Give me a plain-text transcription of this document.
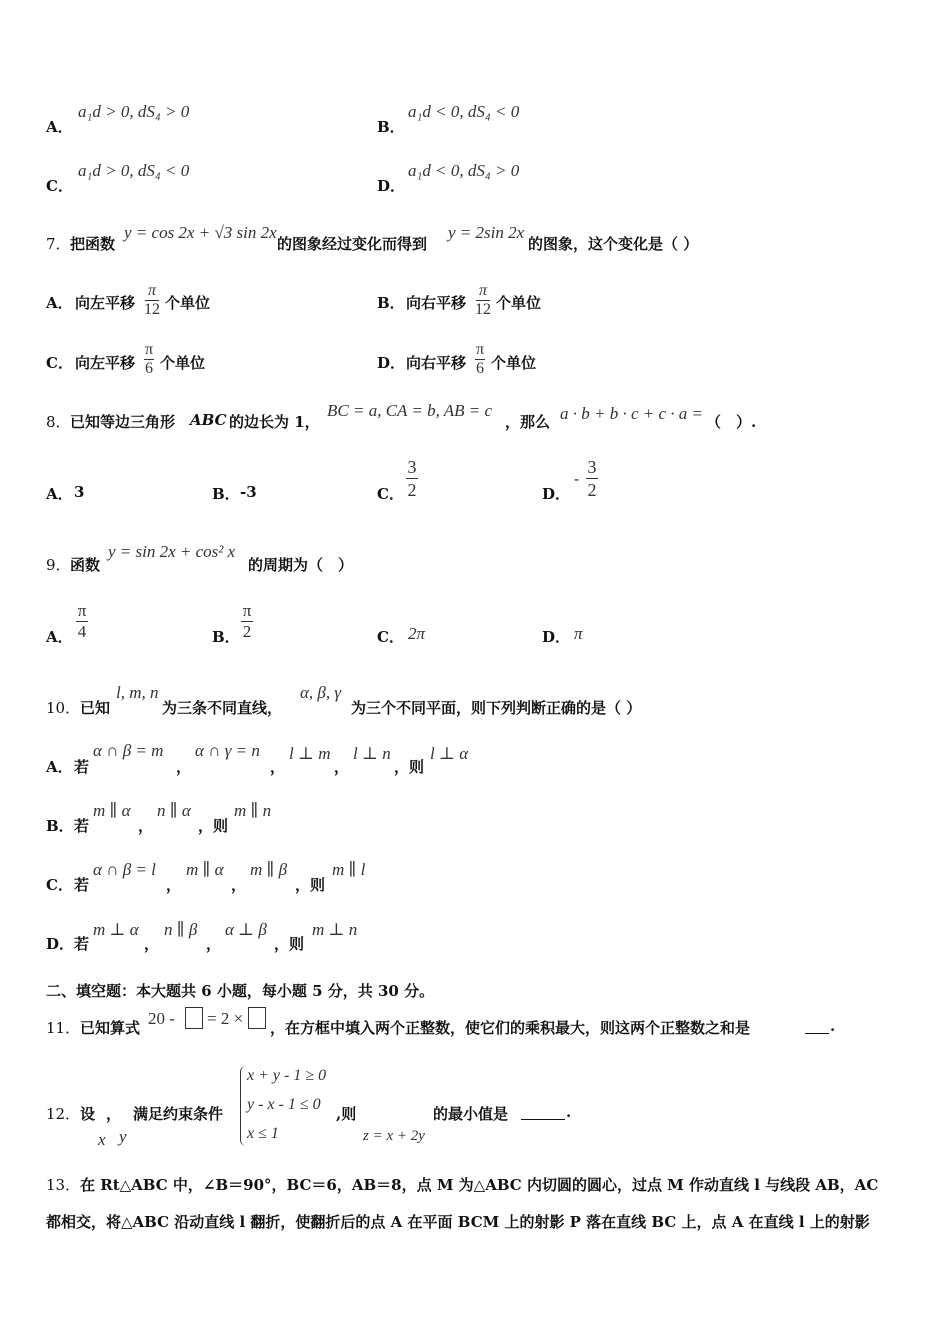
A．
a₁d > 0, dS₄ > 0
B．
a₁d < 0, dS₄ < 0
C．
a₁d > 0, dS₄ < 0
D．
a₁d < 0, dS₄ > 0
7． 把函数
y = cos 2x + √3 sin 2x
的图象经过变化而得到
y = 2sin 2x
的图象，这个变化是（ ）
A． 向左平移
π
12 个单位	B． 向右平移
π
12 个单位
C． 向左平移
π
6 个单位	D． 向右平移
π
6 个单位
8． 已知等边三角形 ABC 的边长为 1，
BC = a, CA = b, AB = c
，那么 a · b + b · c + c · a = （　）.
A． 3	B． -3	C．
3
2	D．
-
3
2
9． 函数
y = sin 2x + cos² x
的周期为（　）
A．
π
4	B．
π
2	C． 2π	D． π
10． 已知
l, m, n
为三条不同直线，
α, β, γ
为三个不同平面，则下列判断正确的是（ ）
A． 若
α ∩ β = m
，
α ∩ γ = n
，
l ⊥ m
，
l ⊥ n
，则
l ⊥ α
B． 若
m ∥ α
，
n ∥ α
，则
m ∥ n
C． 若
α ∩ β = l
，
m ∥ α
，
m ∥ β
，则
m ∥ l
D． 若
m ⊥ α
，
n ∥ β
，
α ⊥ β
，则
m ⊥ n
二、填空题：本大题共 6 小题，每小题 5 分，共 30 分。
11． 已知算式 20 - = 2 × ，在方框中填入两个正整数，使它们的乘积最大，则这两个正整数之和是	.
12． 设 ， 满足约束条件
x y
x + y - 1 ≥ 0
y - x - 1 ≤ 0
x ≤ 1
,则
z = x + 2y
的最小值是	.
13． 在 Rt△ABC 中，∠B＝90°，BC＝6，AB＝8，点 M 为△ABC 内切圆的圆心，过点 M 作动直线 l 与线段 AB，AC
都相交，将△ABC 沿动直线 l 翻折，使翻折后的点 A 在平面 BCM 上的射影 P 落在直线 BC 上，点 A 在直线 l 上的射影
